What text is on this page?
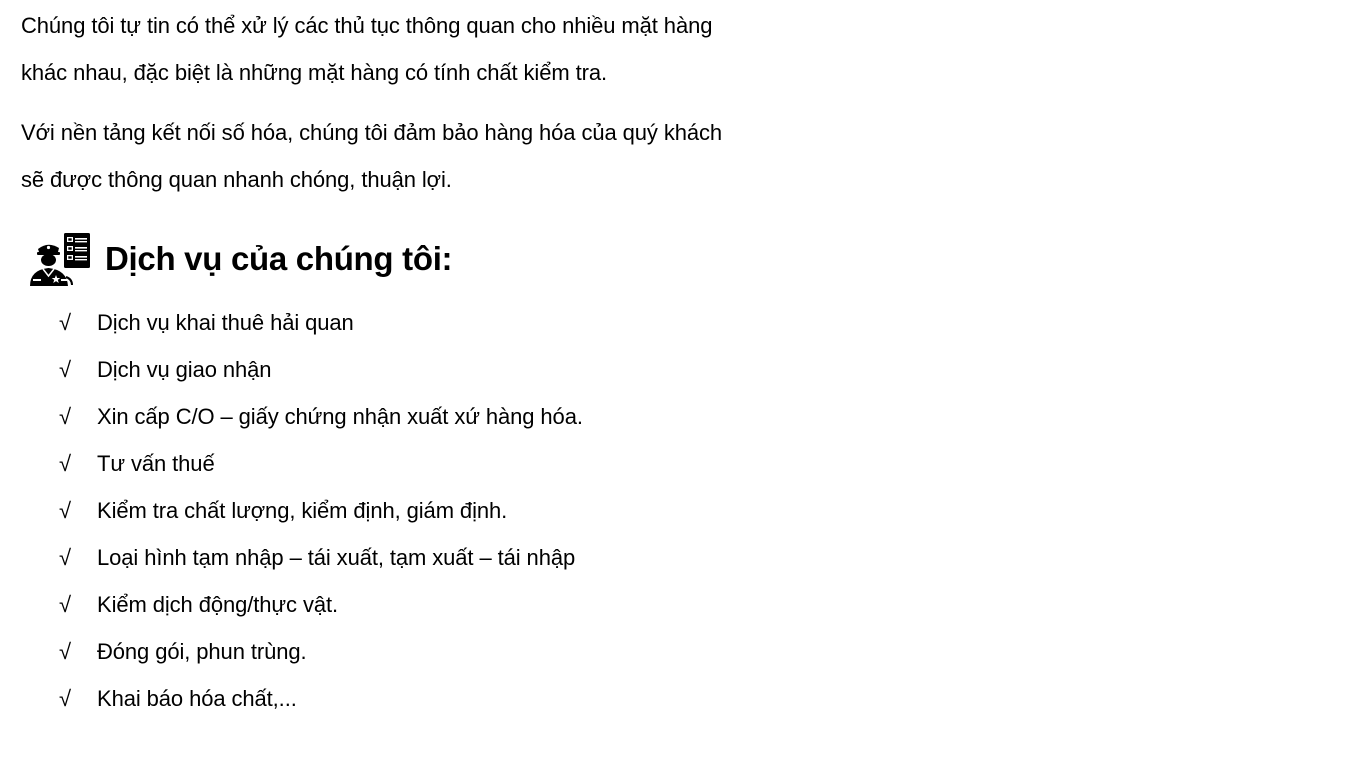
Chúng tôi tự tin có thể xử lý các thủ tục thông quan cho nhiều mặt hàng
khác nhau, đặc biệt là những mặt hàng có tính chất kiểm tra.
Với nền tảng kết nối số hóa, chúng tôi đảm bảo hàng hóa của quý khách
sẽ được thông quan nhanh chóng, thuận lợi.
Dịch vụ của chúng tôi:
√	Dịch vụ khai thuê hải quan
√	Dịch vụ giao nhận
√	Xin cấp C/O – giấy chứng nhận xuất xứ hàng hóa.
√	Tư vấn thuế
√	Kiểm tra chất lượng, kiểm định, giám định.
√	Loại hình tạm nhập – tái xuất, tạm xuất – tái nhập
√	Kiểm dịch động/thực vật.
√	Đóng gói, phun trùng.
√	Khai báo hóa chất,...
